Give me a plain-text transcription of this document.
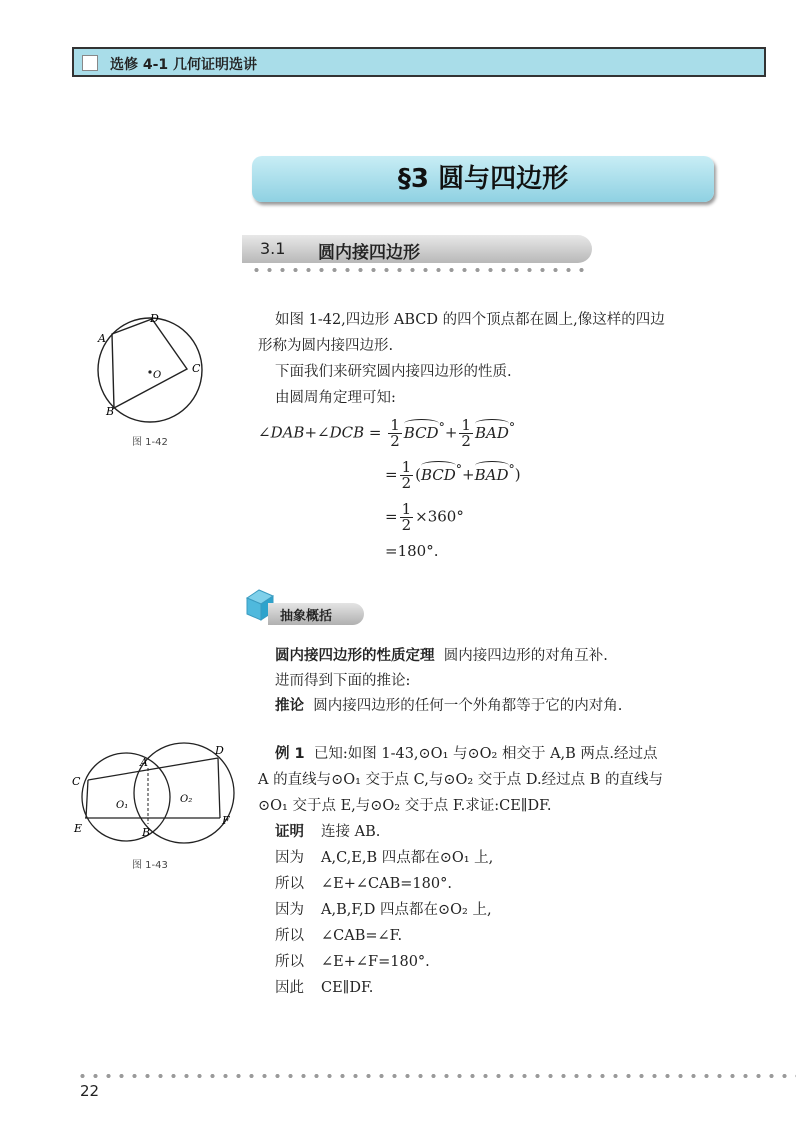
选修 4-1 几何证明选讲
§3 圆与四边形
3.1 圆内接四边形
A
D
C
B
O
图 1-42
如图 1-42,四边形 ABCD 的四个顶点都在圆上,像这样的四边
形称为圆内接四边形.
下面我们来研究圆内接四边形的性质.
由圆周角定理可知:
∠DAB+∠DCB = $\frac{1}{2} BCD^\circ+ \frac{1}{2} BAD^\circ$
= $\frac{1}{2} (BCD^\circ+BAD^\circ)$
= $\frac{1}{2} \times 360^\circ$
=180°.
抽象概括
圆内接四边形的性质定理 圆内接四边形的对角互补.
进而得到下面的推论:
推论 圆内接四边形的任何一个外角都等于它的内对角.
C
A
D
E	B
F
O₁
O₂
图 1-43
例 1 已知:如图 1-43,⊙O₁ 与⊙O₂ 相交于 A,B 两点.经过点
A 的直线与⊙O₁ 交于点 C,与⊙O₂ 交于点 D.经过点 B 的直线与
⊙O₁ 交于点 E,与⊙O₂ 交于点 F.求证:CE∥DF.
证明 连接 AB.
因为 A,C,E,B 四点都在⊙O₁ 上,
所以 ∠E+∠CAB=180°.
因为 A,B,F,D 四点都在⊙O₂ 上,
所以 ∠CAB=∠F.
所以 ∠E+∠F=180°.
因此 CE∥DF.
22
